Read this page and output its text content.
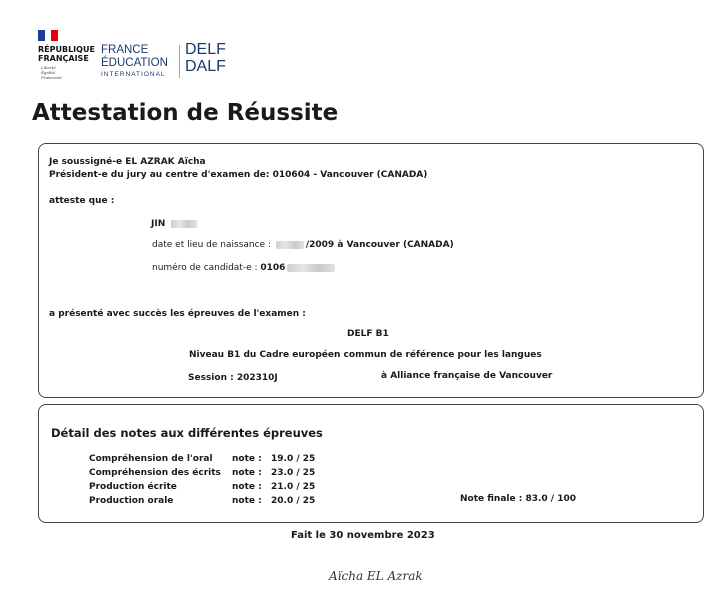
RÉPUBLIQUE
FRANÇAISE
Liberté
Égalité
Fraternité
FRANCE
ÉDUCATION
INTERNATIONAL
DELF
DALF
Attestation de Réussite
Je soussigné-e EL AZRAK Aïcha
Président-e du jury au centre d'examen de: 010604 - Vancouver (CANADA)
atteste que :
JIN
date et lieu de naissance :	/2009 à Vancouver (CANADA)
numéro de candidat-e : 0106
a présenté avec succès les épreuves de l'examen :
DELF B1
Niveau B1 du Cadre européen commun de référence pour les langues
Session : 202310J	à Alliance française de Vancouver
Détail des notes aux différentes épreuves
Compréhension de l'oral note : 19.0 / 25
Compréhension des écrits note : 23.0 / 25
Production écrite	note : 21.0 / 25
Production orale	note : 20.0 / 25	Note finale : 83.0 / 100
Fait le 30 novembre 2023
Aïcha EL Azrak
